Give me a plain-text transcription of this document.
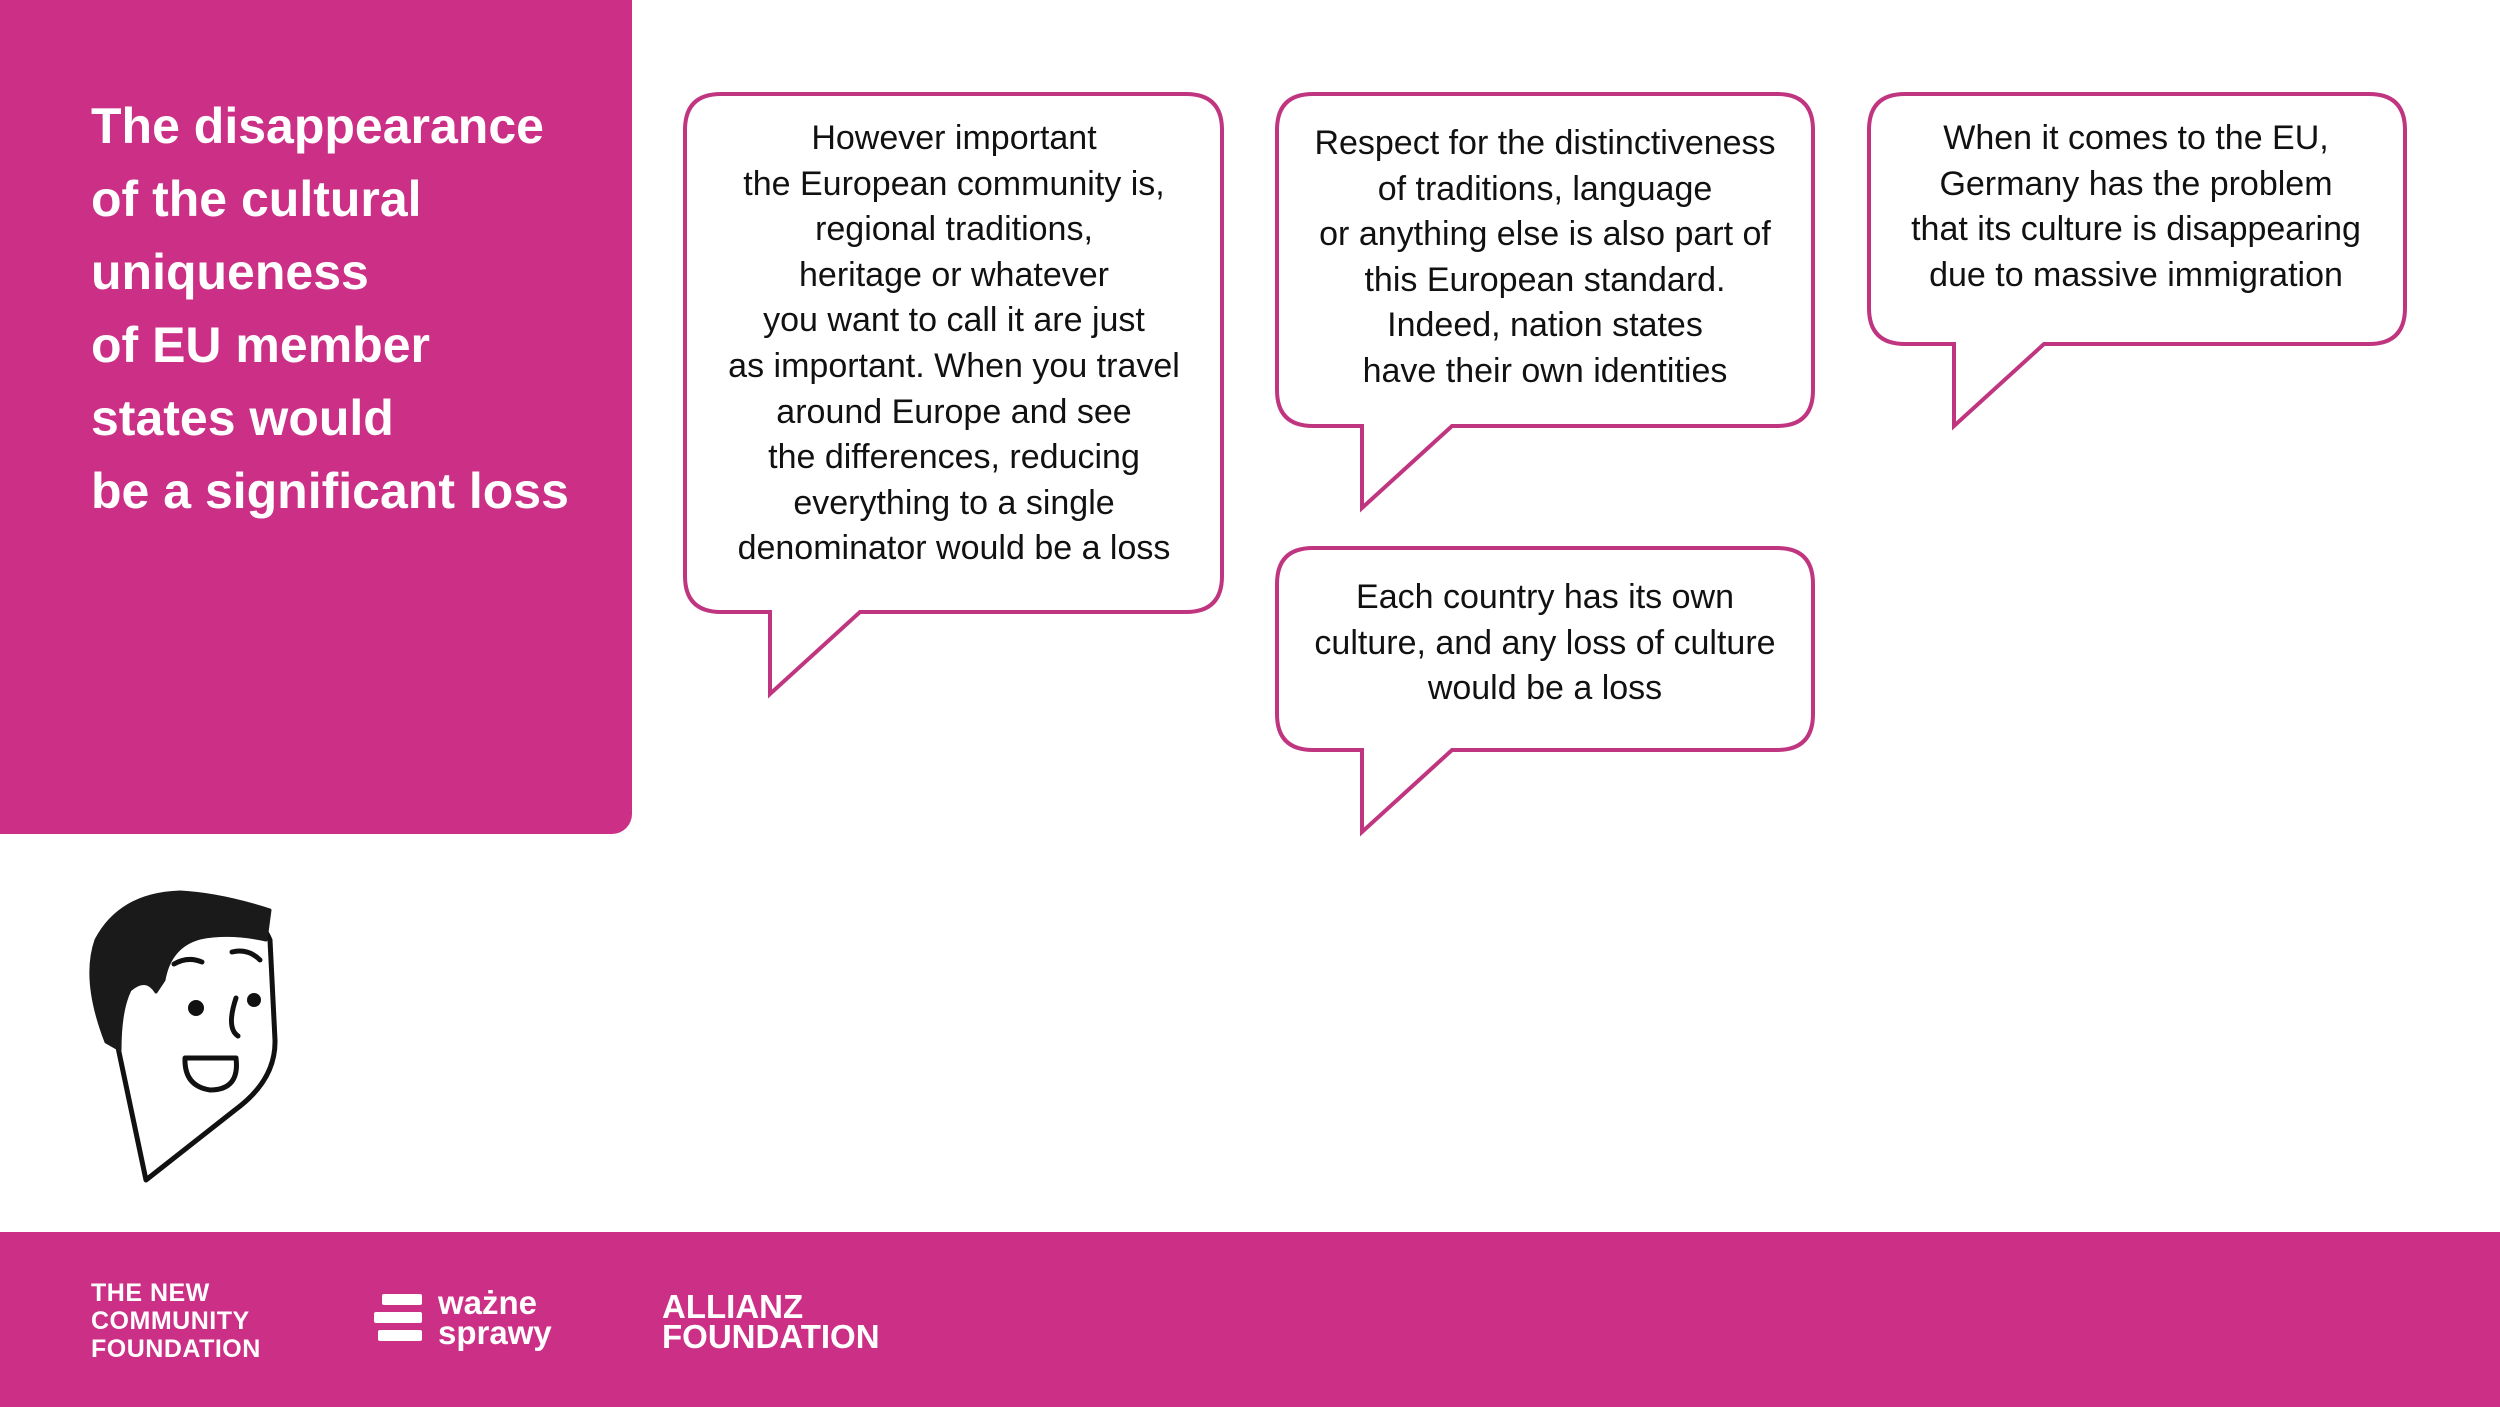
The disappearance
of the cultural
uniqueness
of EU member
states would
be a significant loss
However important
the European community is,
regional traditions,
heritage or whatever
you want to call it are just
as important. When you travel
around Europe and see
the differences, reducing
everything to a single
denominator would be a loss
Respect for the distinctiveness
of traditions, language
or anything else is also part of
this European standard.
Indeed, nation states
have their own identities
When it comes to the EU,
Germany has the problem
that its culture is disappearing
due to massive immigration
Each country has its own
culture, and any loss of culture
would be a loss
THE NEW
COMMUNITY
FOUNDATION
ważne
sprawy
ALLIANZ
FOUNDATION
